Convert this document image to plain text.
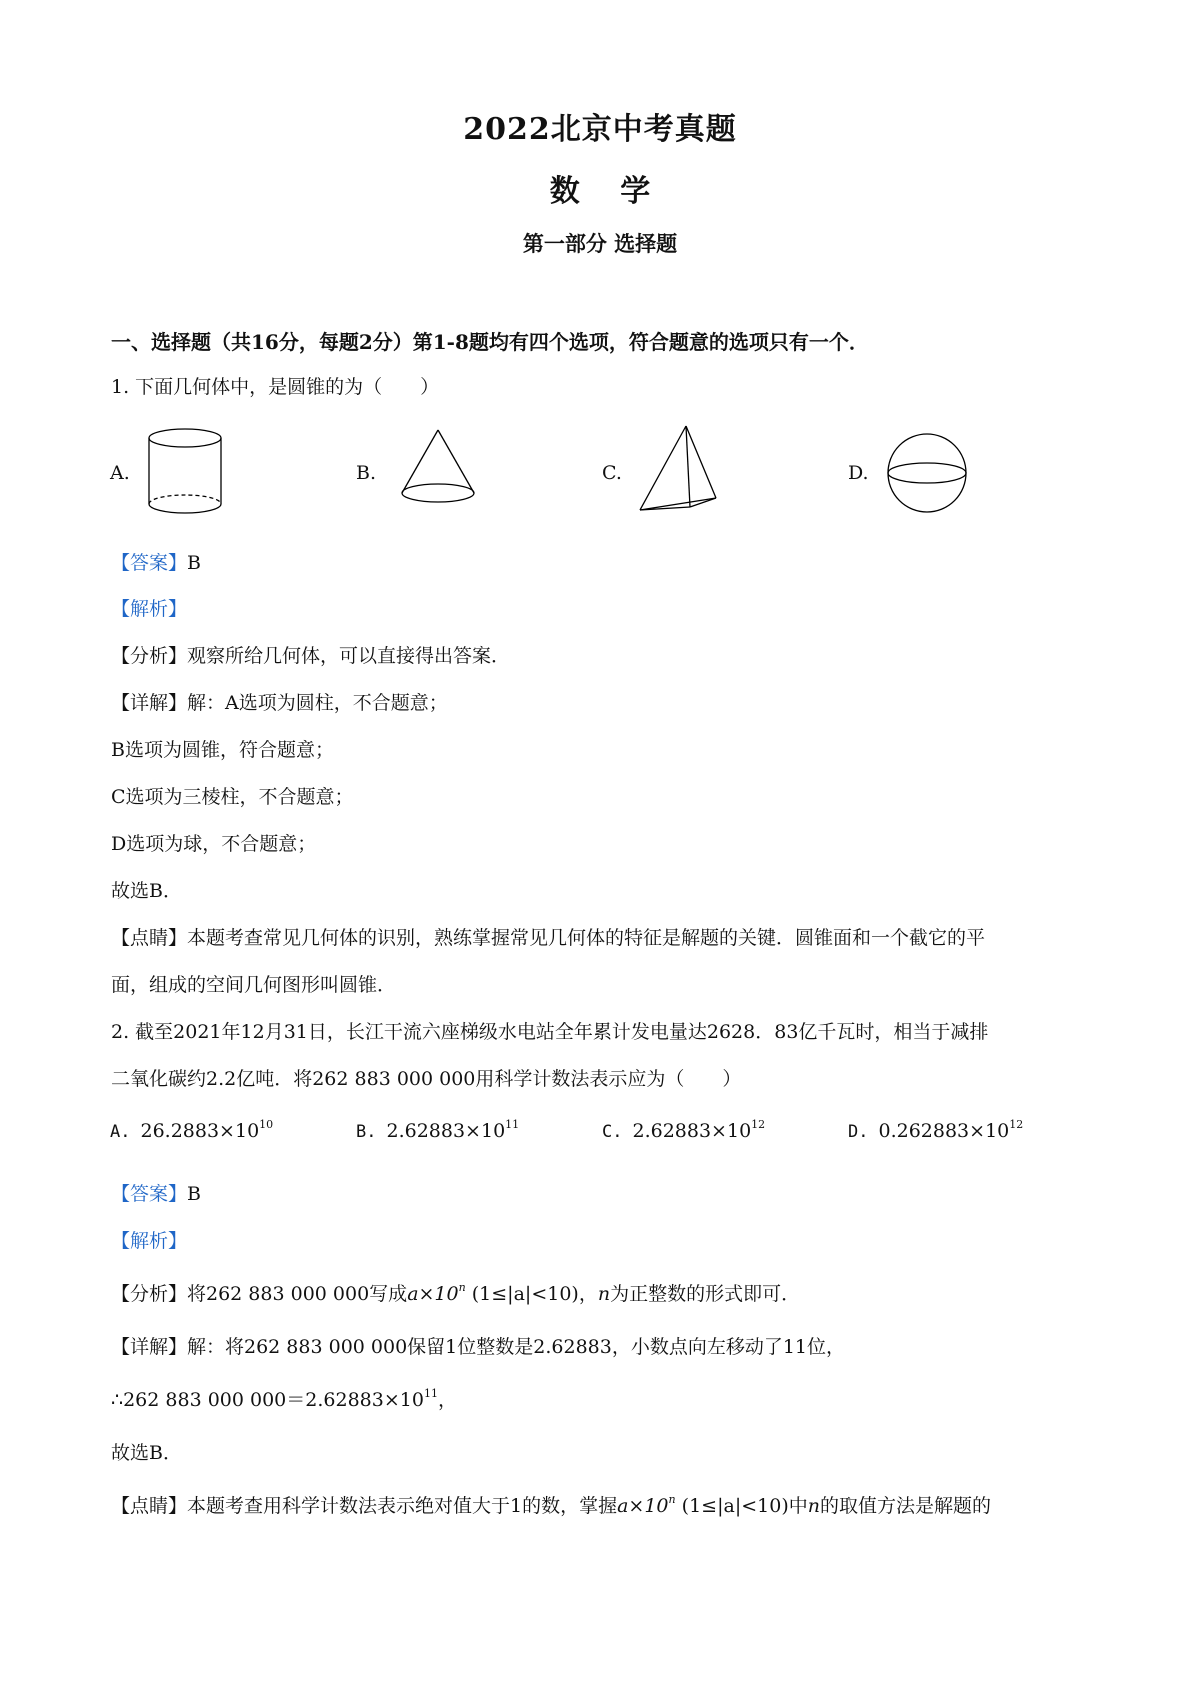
2022北京中考真题
数 学
第一部分 选择题
一、选择题（共16分，每题2分）第1-8题均有四个选项，符合题意的选项只有一个．
1. 下面几何体中，是圆锥的为（　　）
A.	B.	C.	D.
【答案】B
【解析】
【分析】观察所给几何体，可以直接得出答案．
【详解】解：A选项为圆柱，不合题意；
B选项为圆锥，符合题意；
C选项为三棱柱，不合题意；
D选项为球，不合题意；
故选B．
【点睛】本题考查常见几何体的识别，熟练掌握常见几何体的特征是解题的关键．圆锥面和一个截它的平
面，组成的空间几何图形叫圆锥．
2. 截至2021年12月31日，长江干流六座梯级水电站全年累计发电量达2628．83亿千瓦时，相当于减排
二氧化碳约2.2亿吨．将262 883 000 000用科学计数法表示应为（　　）
A. $26.2883\times 10^{10}$	B. $2.62883\times 10^{11}$	C. $2.62883\times 10^{12}$	D. $0.262883\times 10^{12}$
【答案】B
【解析】
【分析】将262 883 000 000写成$a\times 10^n$ (1≤|a|<10)，n为正整数的形式即可．
【详解】解：将262 883 000 000保留1位整数是2.62883，小数点向左移动了11位，
∴262 883 000 $000=2.62883\times 10^{11}$，
故选B．
【点睛】本题考查用科学计数法表示绝对值大于1的数，掌握$a\times 10^n$ (1≤|a|<10)中n的取值方法是解题的
